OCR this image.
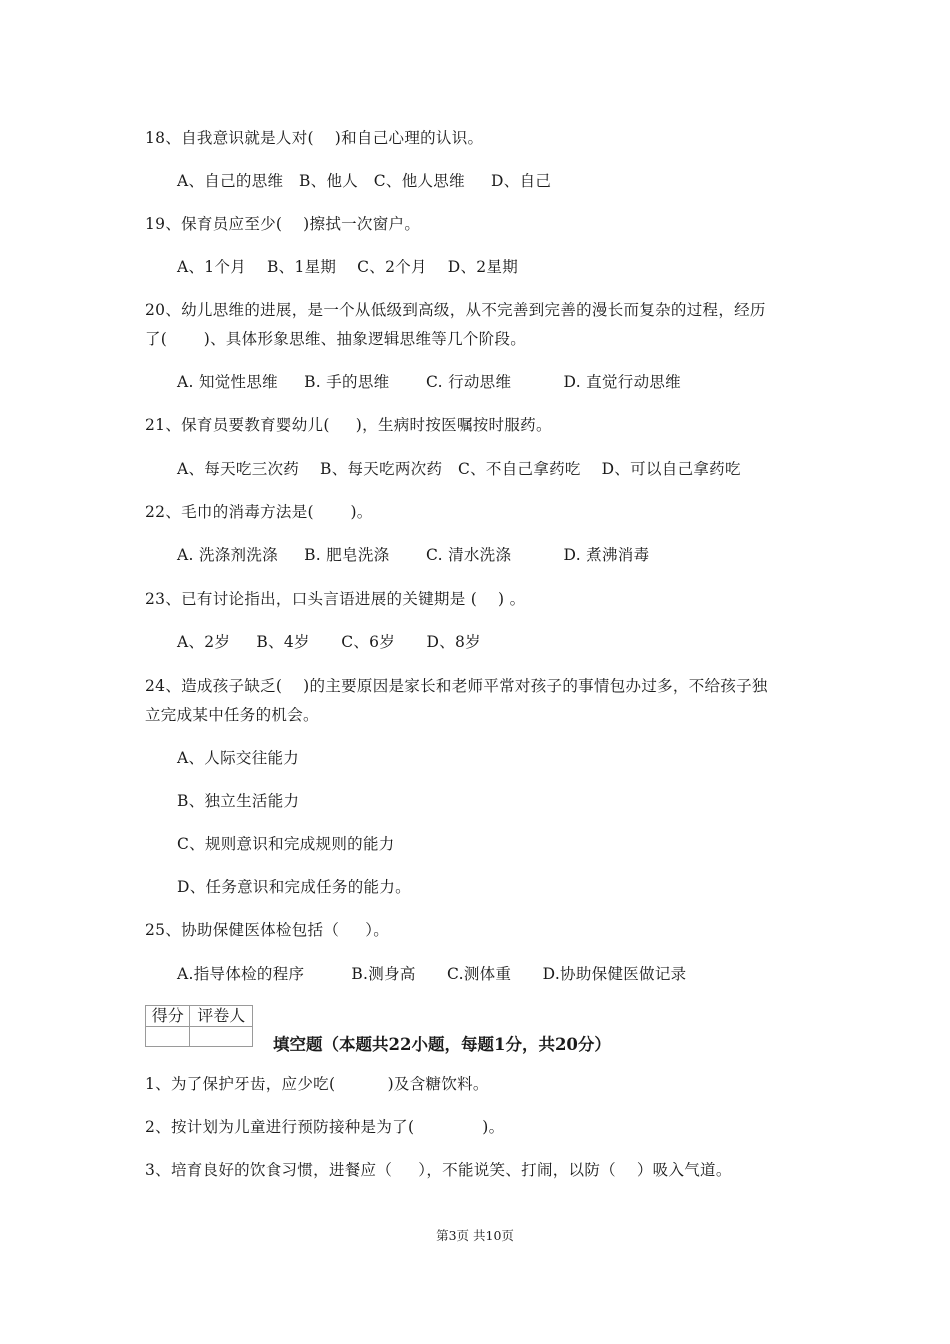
18、自我意识就是人对(    )和自己心理的认识。
A、自己的思维   B、他人   C、他人思维     D、自己
19、保育员应至少(    )擦拭一次窗户。
A、1个月    B、1星期    C、2个月    D、2星期
20、幼儿思维的进展，是一个从低级到高级，从不完善到完善的漫长而复杂的过程，经历
了(       )、具体形象思维、抽象逻辑思维等几个阶段。
A. 知觉性思维     B. 手的思维       C. 行动思维          D. 直觉行动思维
21、保育员要教育婴幼儿(     )，生病时按医嘱按时服药。
A、每天吃三次药    B、每天吃两次药   C、不自己拿药吃    D、可以自己拿药吃
22、毛巾的消毒方法是(       )。
A. 洗涤剂洗涤     B. 肥皂洗涤       C. 清水洗涤          D. 煮沸消毒
23、已有讨论指出，口头言语进展的关键期是 (    ) 。
A、2岁     B、4岁      C、6岁      D、8岁
24、造成孩子缺乏(    )的主要原因是家长和老师平常对孩子的事情包办过多，不给孩子独
立完成某中任务的机会。
A、人际交往能力
B、独立生活能力
C、规则意识和完成规则的能力
D、任务意识和完成任务的能力。
25、协助保健医体检包括（     ）。
A.指导体检的程序         B.测身高      C.测体重      D.协助保健医做记录
得分	评卷人

填空题（本题共22小题，每题1分，共20分）
1、为了保护牙齿，应少吃(          )及含糖饮料。
2、按计划为儿童进行预防接种是为了(             )。
3、培育良好的饮食习惯，进餐应（     ），不能说笑、打闹，以防（    ）吸入气道。
第3页 共10页
